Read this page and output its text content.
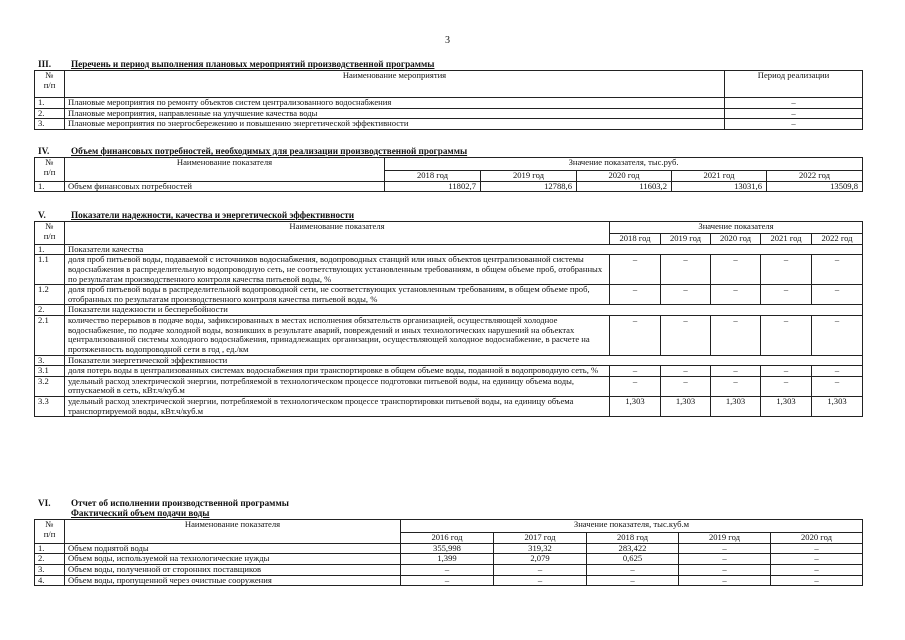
3
III. Перечень и период выполнения плановых мероприятий производственной программы
№
п/п	Наименование мероприятия	Период реализации
1.	Плановые мероприятия по ремонту объектов систем централизованного водоснабжения	–
2.	Плановые мероприятия, направленные на улучшение качества воды	–
3.	Плановые мероприятия по энергосбережению и повышению энергетической эффективности	–
IV. Объем финансовых потребностей, необходимых для реализации производственной программы
№
п/п	Наименование показателя	Значение показателя, тыс.руб.				
		2018 год	2019 год	2020 год	2021 год	2022 год
1.	Объем финансовых потребностей	11802,7	12788,6	11603,2	13031,6	13509,8
V.	Показатели надежности, качества и энергетической эффективности
№
п/п	Наименование показателя	Значение показателя				
		2018 год	2019 год	2020 год	2021 год	2022 год
1.	Показатели качества					
1.1	доля проб питьевой воды, подаваемой с источников водоснабжения, водопроводных станций или иных объектов централизованной системы водоснабжения в распределительную водопроводную сеть, не соответствующих установленным требованиям, в общем объеме проб, отобранных по результатам производственного контроля качества питьевой воды, %	–	–	–	–	–
1.2	доля проб питьевой воды в распределительной водопроводной сети, не соответствующих установленным требованиям, в общем объеме проб, отобранных по результатам производственного контроля качества питьевой воды, %	–	–	–	–	–
2.	Показатели надежности и бесперебойности					
2.1	количество перерывов в подаче воды, зафиксированных в местах исполнения обязательств организацией, осуществляющей холодное водоснабжение, по подаче холодной воды, возникших в результате аварий, повреждений и иных технологических нарушений на объектах централизованной системы холодного водоснабжения, принадлежащих организации, осуществляющей холодное водоснабжение, в расчете на протяженность водопроводной сети в год , ед./км	–	–	–	–	–
3.	Показатели энергетической эффективности					
3.1	доля потерь воды в централизованных системах водоснабжения при транспортировке в общем объеме воды, поданной в водопроводную сеть, %	–	–	–	–	–
3.2	удельный расход электрической энергии, потребляемой в технологическом процессе подготовки питьевой воды, на единицу объема воды, отпускаемой в сеть, кВт.ч/куб.м	–	–	–	–	–
3.3	удельный расход электрической энергии, потребляемой в технологическом процессе транспортировки питьевой воды, на единицу объема транспортируемой воды, кВт.ч/куб.м	1,303	1,303	1,303	1,303	1,303
VI. Отчет об исполнении производственной программы
Фактический объем подачи воды
№
п/п	Наименование показателя	Значение показателя, тыс.куб.м				
		2016 год	2017 год	2018 год	2019 год	2020 год
1.	Объем поднятой воды	355,998	319,32	283,422	–	–
2.	Объем воды, используемой на технологические нужды	1,399	2,079	0,625	–	–
3.	Объем воды, полученной от сторонних поставщиков	–	–	–	–	–
4.	Объем воды, пропущенной через очистные сооружения	–	–	–	–	–
